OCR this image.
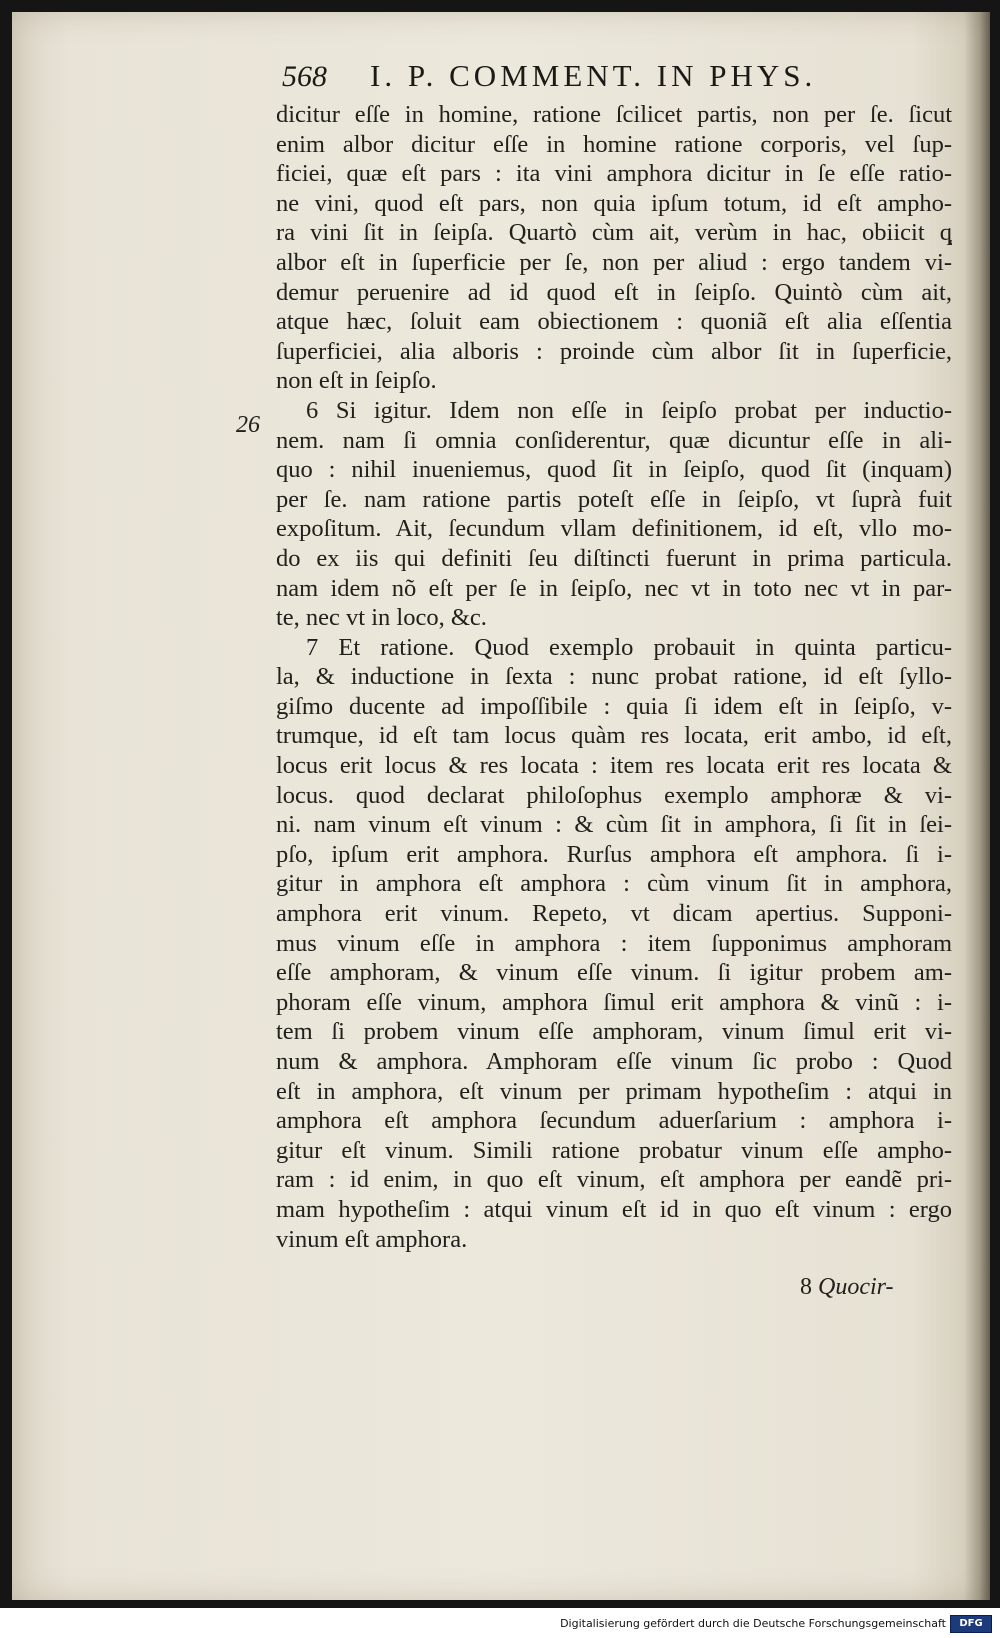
568 I. P. COMMENT. IN PHYS.
26
dicitur eſſe in homine, ratione ſcilicet partis, non per ſe. ſicut
enim albor dicitur eſſe in homine ratione corporis, vel ſup-
ficiei, quæ eſt pars : ita vini amphora dicitur in ſe eſſe ratio-
ne vini, quod eſt pars, non quia ipſum totum, id eſt ampho-
ra vini ſit in ſeipſa. Quartò cùm ait, verùm in hac, obiicit q̨
albor eſt in ſuperficie per ſe, non per aliud : ergo tandem vi-
demur peruenire ad id quod eſt in ſeipſo. Quintò cùm ait,
atque hæc, ſoluit eam obiectionem : quoniã eſt alia eſſentia
ſuperficiei, alia alboris : proinde cùm albor ſit in ſuperficie,
non eſt in ſeipſo.
6 Si igitur. Idem non eſſe in ſeipſo probat per inductio-
nem. nam ſi omnia conſiderentur, quæ dicuntur eſſe in ali-
quo : nihil inueniemus, quod ſit in ſeipſo, quod ſit (inquam)
per ſe. nam ratione partis poteſt eſſe in ſeipſo, vt ſuprà fuit
expoſitum. Ait, ſecundum vllam definitionem, id eſt, vllo mo-
do ex iis qui definiti ſeu diſtincti fuerunt in prima particula.
nam idem nõ eſt per ſe in ſeipſo, nec vt in toto nec vt in par-
te, nec vt in loco, &c.
7 Et ratione. Quod exemplo probauit in quinta particu-
la, & inductione in ſexta : nunc probat ratione, id eſt ſyllo-
giſmo ducente ad impoſſibile : quia ſi idem eſt in ſeipſo, v-
trumque, id eſt tam locus quàm res locata, erit ambo, id eſt,
locus erit locus & res locata : item res locata erit res locata &
locus. quod declarat philoſophus exemplo amphoræ & vi-
ni. nam vinum eſt vinum : & cùm ſit in amphora, ſi ſit in ſei-
pſo, ipſum erit amphora. Rurſus amphora eſt amphora. ſi i-
gitur in amphora eſt amphora : cùm vinum ſit in amphora,
amphora erit vinum. Repeto, vt dicam apertius. Supponi-
mus vinum eſſe in amphora : item ſupponimus amphoram
eſſe amphoram, & vinum eſſe vinum. ſi igitur probem am-
phoram eſſe vinum, amphora ſimul erit amphora & vinũ : i-
tem ſi probem vinum eſſe amphoram, vinum ſimul erit vi-
num & amphora. Amphoram eſſe vinum ſic probo : Quod
eſt in amphora, eſt vinum per primam hypotheſim : atqui in
amphora eſt amphora ſecundum aduerſarium : amphora i-
gitur eſt vinum. Simili ratione probatur vinum eſſe ampho-
ram : id enim, in quo eſt vinum, eſt amphora per eandẽ pri-
mam hypotheſim : atqui vinum eſt id in quo eſt vinum : ergo
vinum eſt amphora.
8 Quocir-
Digitalisierung gefördert durch die Deutsche Forschungsgemeinschaft	DFG
